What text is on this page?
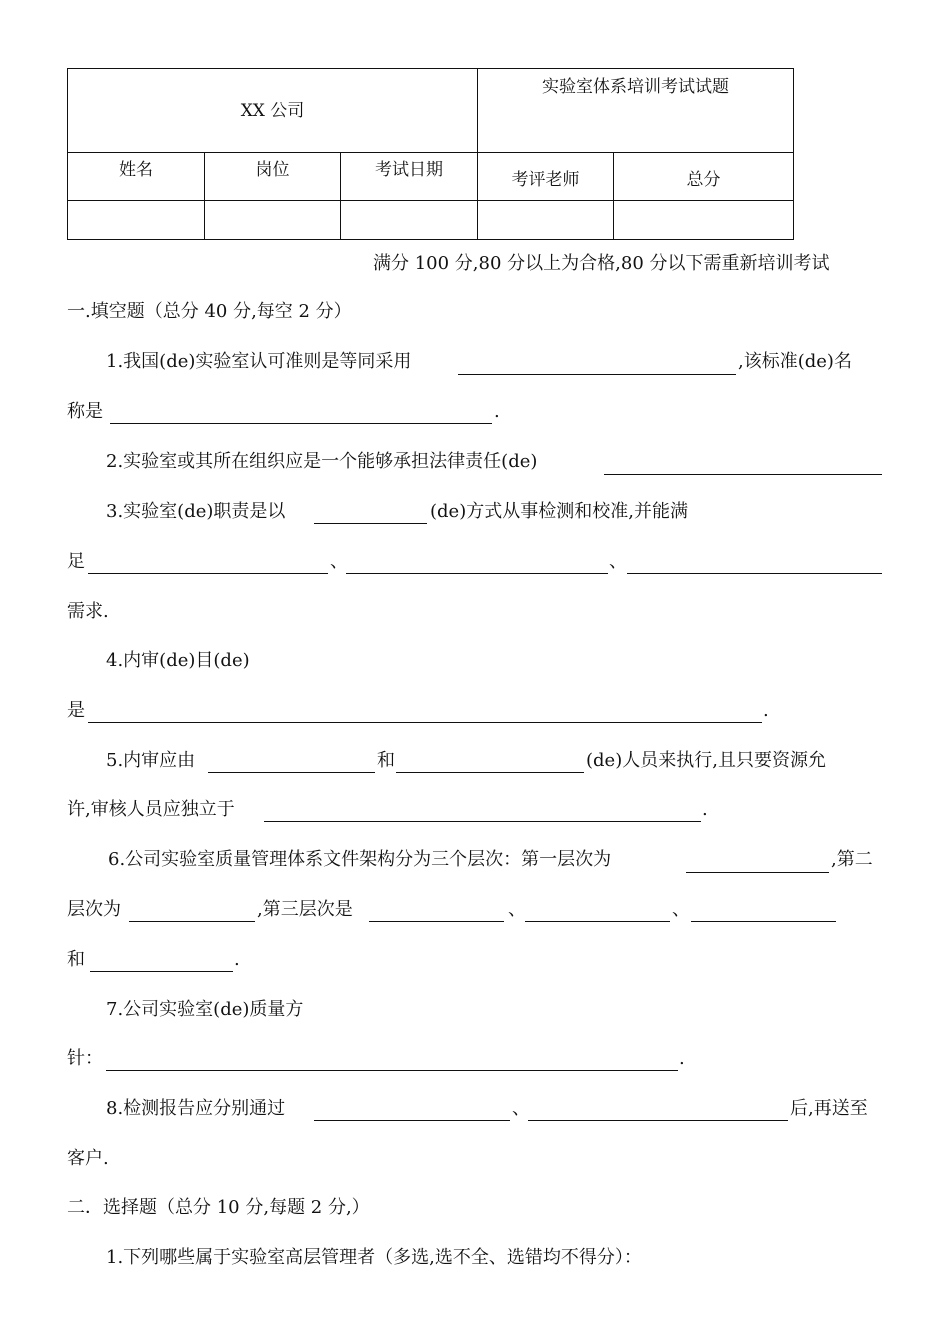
XX 公司			实验室体系培训考试试题	

姓名	岗位	考试日期	考评老师	总分

满分 100 分,80 分以上为合格,80 分以下需重新培训考试
一.填空题（总分 40 分,每空 2 分）
1.我国(de)实验室认可准则是等同采用	,该标准(de)名
称是	.
2.实验室或其所在组织应是一个能够承担法律责任(de)
3.实验室(de)职责是以	(de)方式从事检测和校准,并能满
足	、	、
需求.
4.内审(de)目(de)
是	.
5.内审应由	和	(de)人员来执行,且只要资源允
许,审核人员应独立于	.
6.公司实验室质量管理体系文件架构分为三个层次：第一层次为	,第二
层次为	,第三层次是	、	、
和	.
7.公司实验室(de)质量方
针：	.
8.检测报告应分别通过	、	后,再送至
客户.
二．选择题（总分 10 分,每题 2 分,）
1.下列哪些属于实验室高层管理者（多选,选不全、选错均不得分）：
